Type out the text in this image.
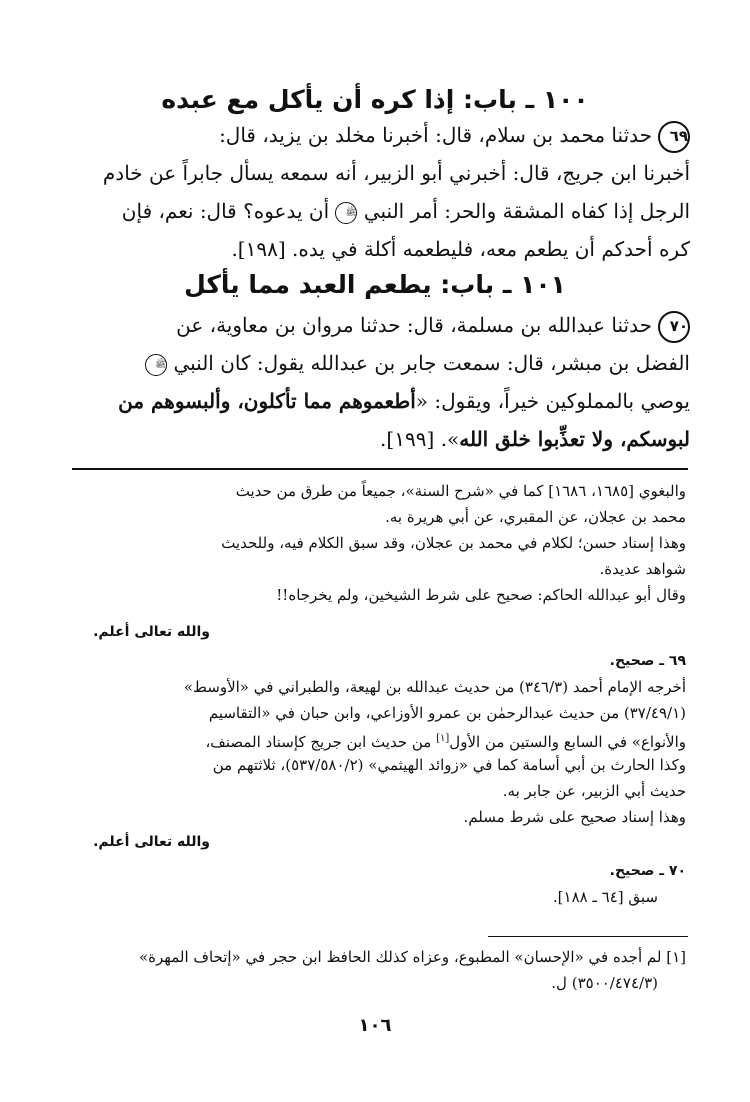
١٠٠ ـ باب: إذا كره أن يأكل مع عبده
٦٩حدثنا محمد بن سلام، قال: أخبرنا مخلد بن يزيد، قال:
أخبرنا ابن جريج، قال: أخبرني أبو الزبير، أنه سمعه يسأل جابراً عن خادم
الرجل إذا كفاه المشقة والحر: أمر النبي ﷺ أن يدعوه؟ قال: نعم، فإن
كره أحدكم أن يطعم معه، فليطعمه أكلة في يده. [١٩٨].
١٠١ ـ باب: يطعم العبد مما يأكل
٧٠حدثنا عبدالله بن مسلمة، قال: حدثنا مروان بن معاوية، عن
الفضل بن مبشر، قال: سمعت جابر بن عبدالله يقول: كان النبي ﷺ
يوصي بالمملوكين خيراً، ويقول: «أطعموهم مما تأكلون، وألبسوهم من
لبوسكم، ولا تعذِّبوا خلق الله». [١٩٩].
والبغوي [١٦٨٥، ١٦٨٦] كما في «شرح السنة»، جميعاً من طرق من حديث
محمد بن عجلان، عن المقبري، عن أبي هريرة به.
وهذا إسناد حسن؛ لكلام في محمد بن عجلان، وقد سبق الكلام فيه، وللحديث
شواهد عديدة.
وقال أبو عبدالله الحاكم: صحيح على شرط الشيخين، ولم يخرجاه!!

والله تعالى أعلم.

٦٩ ـ صحيح.
أخرجه الإمام أحمد (٣٤٦/٣) من حديث عبدالله بن لهيعة، والطبراني في «الأوسط»
(٣٧/٤٩/١) من حديث عبدالرحمٰن بن عمرو الأوزاعي، وابن حبان في «التقاسيم
والأنواع» في السابع والستين من الأول[١] من حديث ابن جريج كإسناد المصنف،
وكذا الحارث بن أبي أسامة كما في «زوائد الهيثمي» (٥٣٧/٥٨٠/٢)، ثلاثتهم من
حديث أبي الزبير، عن جابر به.
وهذا إسناد صحيح على شرط مسلم.

والله تعالى أعلم.

٧٠ ـ صحيح.
سبق [٦٤ ـ ١٨٨].
[١] لم أجده في «الإحسان» المطبوع، وعزاه كذلك الحافظ ابن حجر في «إتحاف المهرة»
(٣٥٠٠/٤٧٤/٣) ل.

١٠٦
